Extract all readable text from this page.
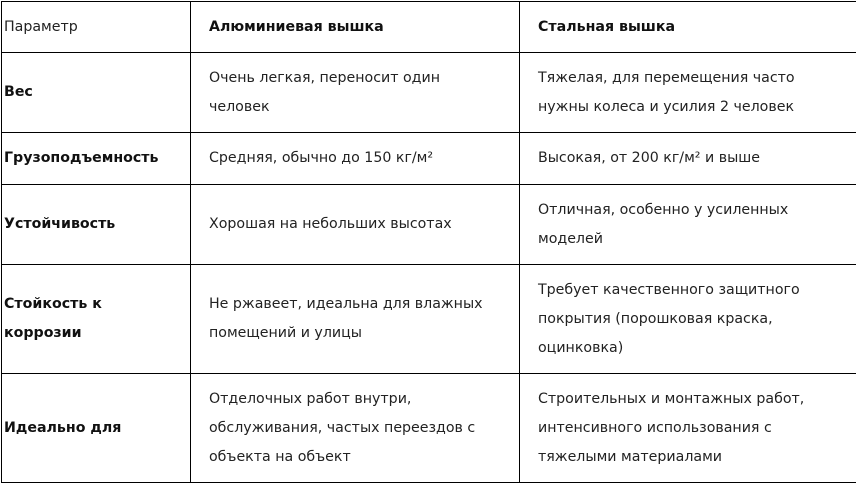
Параметр	Алюминиевая вышка	Стальная вышка
Вес	Очень легкая, переносит один человек	Тяжелая, для перемещения часто нужны колеса и усилия 2 человек
Грузоподъемность	Средняя, обычно до 150 кг/м²	Высокая, от 200 кг/м² и выше
Устойчивость	Хорошая на небольших высотах	Отличная, особенно у усиленных моделей
Стойкость к коррозии	Не ржавеет, идеальна для влажных помещений и улицы	Требует качественного защитного покрытия (порошковая краска, оцинковка)
Идеально для	Отделочных работ внутри, обслуживания, частых переездов с объекта на объект	Строительных и монтажных работ, интенсивного использования с тяжелыми материалами
